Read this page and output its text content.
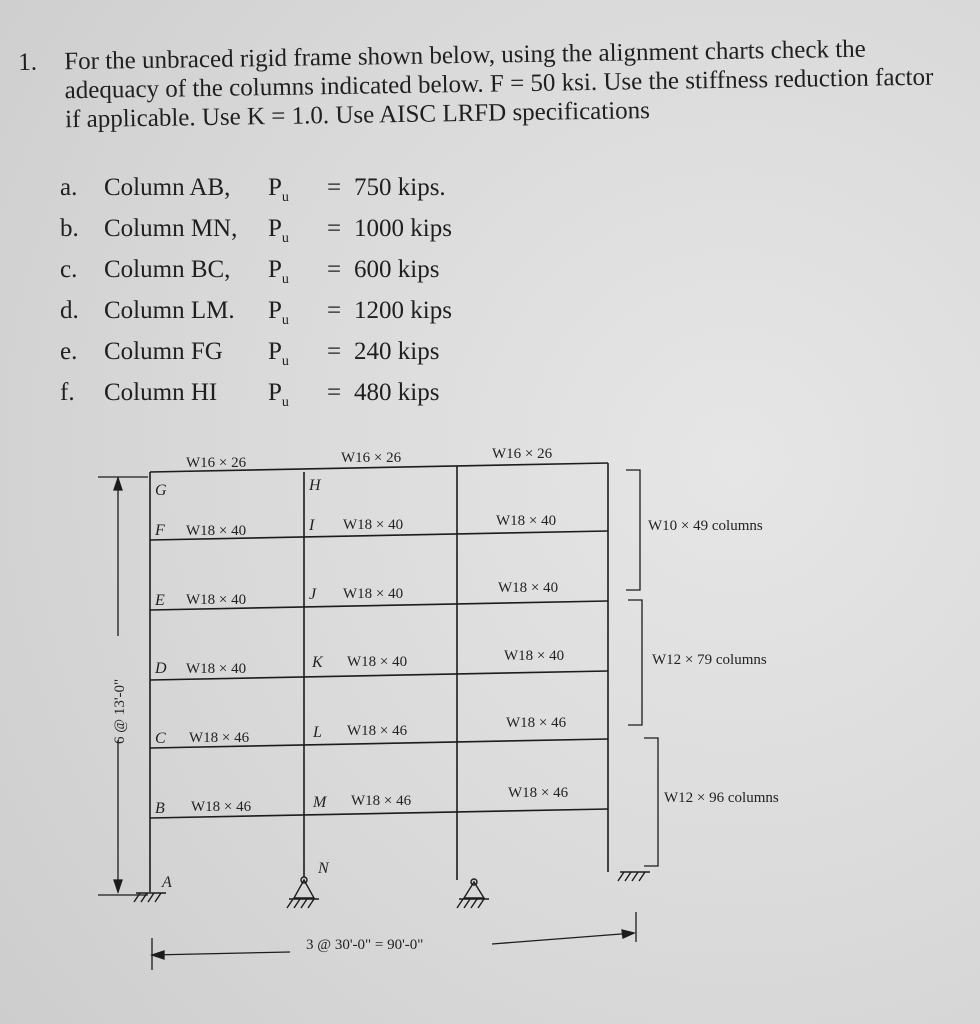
1. For the unbraced rigid frame shown below, using the alignment charts check the adequacy of the columns indicated below. F = 50 ksi. Use the stiffness reduction factor if applicable. Use K = 1.0. Use AISC LRFD specifications
a.	Column AB,	$P_u$	= 750 kips.
b.	Column MN,	$P_u$	= 1000 kips
c.	Column BC,	$P_u$	= 600 kips
d.	Column LM.	$P_u$	= 1200 kips
e.	Column FG	$P_u$	= 240 kips
f.	Column HI	$P_u$	= 480 kips
W16 × 26	W16 × 26	W16 × 26
G
F
E
D
C
B
A
H
I
J
K
L
M
N
W18 × 40	W18 × 40	W18 × 40
W18 × 40	W18 × 40	W18 × 40
W18 × 40	W18 × 40	W18 × 40
W18 × 46	W18 × 46	W18 × 46
W18 × 46	W18 × 46	W18 × 46
W10 × 49 columns
W12 × 79 columns
W12 × 96 columns
6 @ 13'-0"
3 @ 30'-0" = 90'-0"
